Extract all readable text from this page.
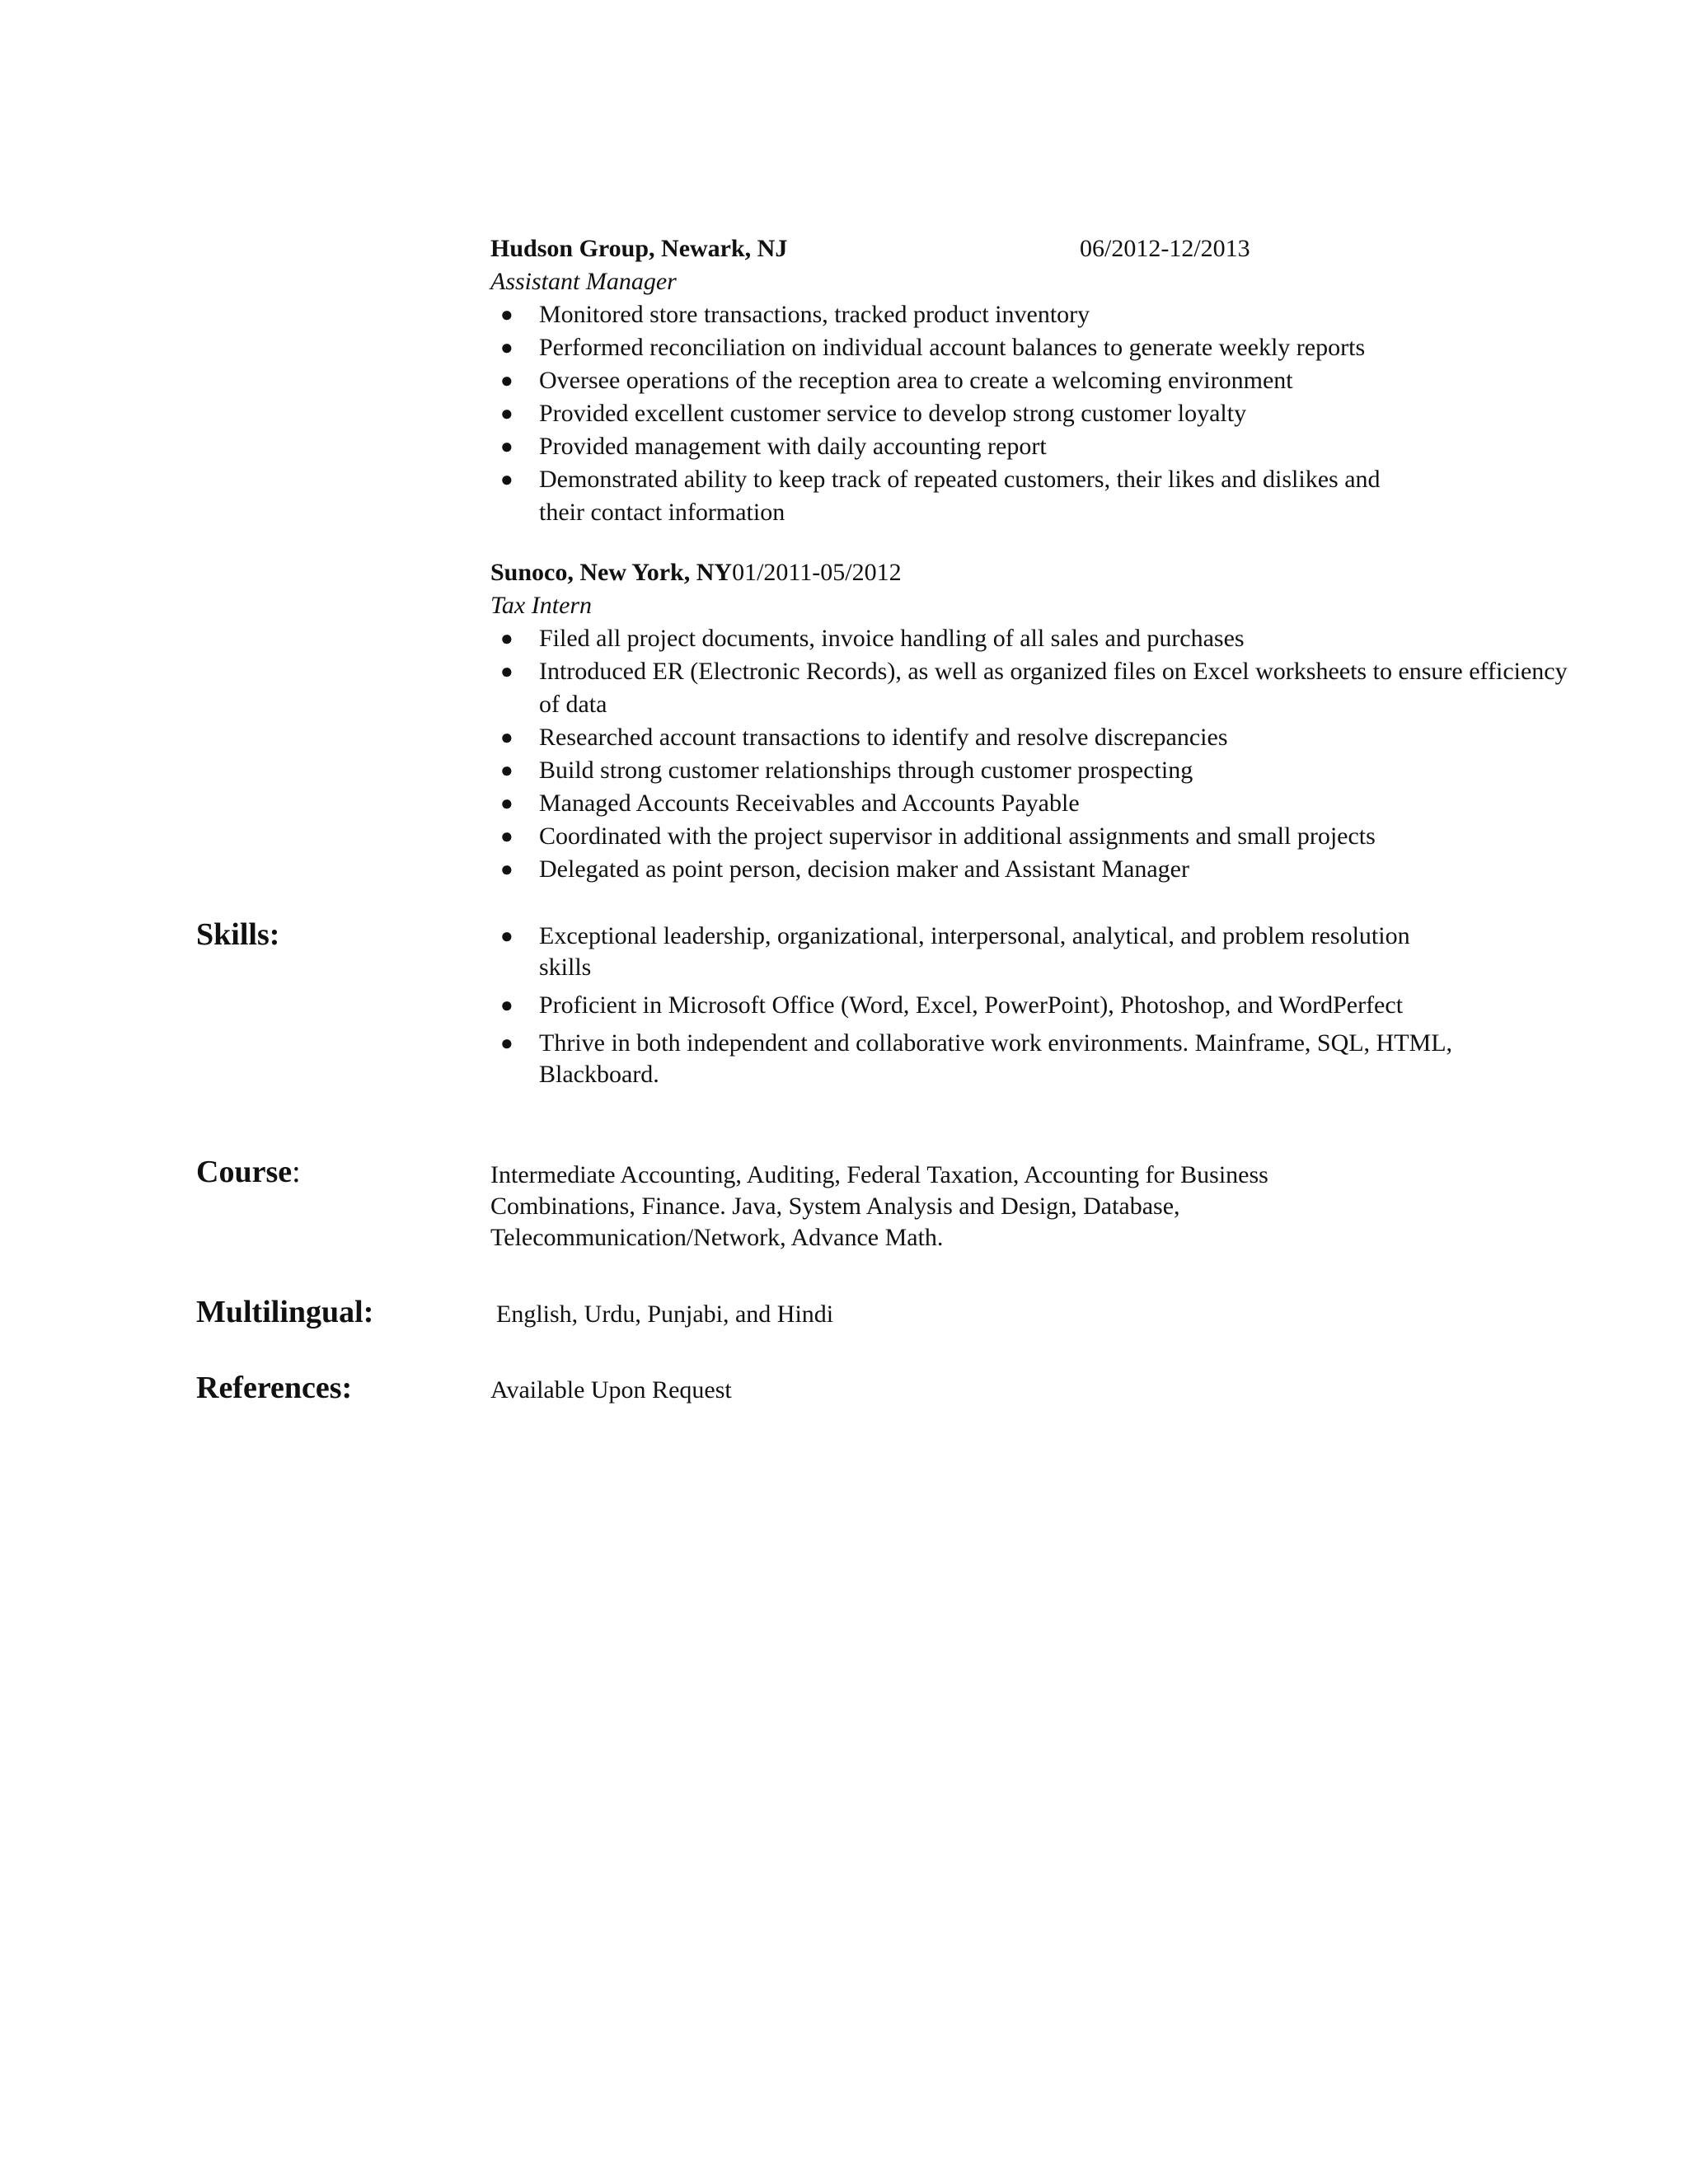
Hudson Group, Newark, NJ	06/2012-12/2013
Assistant Manager
● Monitored store transactions, tracked product inventory
● Performed reconciliation on individual account balances to generate weekly reports
● Oversee operations of the reception area to create a welcoming environment
● Provided excellent customer service to develop strong customer loyalty
● Provided management with daily accounting report
● Demonstrated ability to keep track of repeated customers, their likes and dislikes and their contact information
Sunoco, New York, NY01/2011-05/2012
Tax Intern
● Filed all project documents, invoice handling of all sales and purchases
● Introduced ER (Electronic Records), as well as organized files on Excel worksheets to ensure efficiency of data
● Researched account transactions to identify and resolve discrepancies
● Build strong customer relationships through customer prospecting
● Managed Accounts Receivables and Accounts Payable
● Coordinated with the project supervisor in additional assignments and small projects
● Delegated as point person, decision maker and Assistant Manager
Skills:	● Exceptional leadership, organizational, interpersonal, analytical, and problem resolution skills
● Proficient in Microsoft Office (Word, Excel, PowerPoint), Photoshop, and WordPerfect
● Thrive in both independent and collaborative work environments. Mainframe, SQL, HTML, Blackboard.
Course:	Intermediate Accounting, Auditing, Federal Taxation, Accounting for Business Combinations, Finance. Java, System Analysis and Design, Database, Telecommunication/Network, Advance Math.
Multilingual:	English, Urdu, Punjabi, and Hindi
References:	Available Upon Request
